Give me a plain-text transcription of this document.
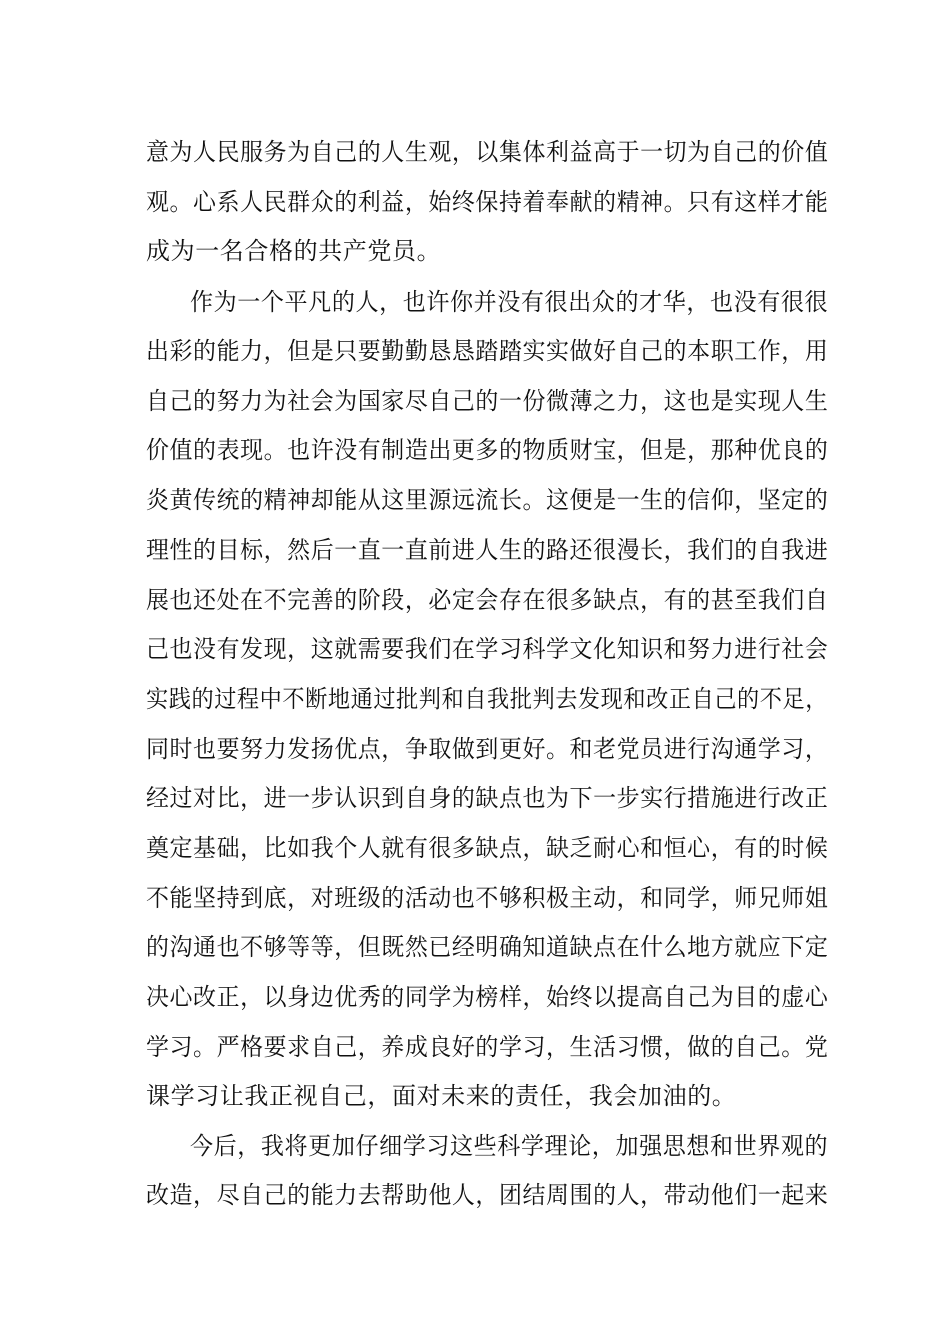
意为人民服务为自己的人生观，以集体利益高于一切为自己的价值
观。心系人民群众的利益，始终保持着奉献的精神。只有这样才能
成为一名合格的共产党员。
作为一个平凡的人，也许你并没有很出众的才华，也没有很很
出彩的能力，但是只要勤勤恳恳踏踏实实做好自己的本职工作，用
自己的努力为社会为国家尽自己的一份微薄之力，这也是实现人生
价值的表现。也许没有制造出更多的物质财宝，但是，那种优良的
炎黄传统的精神却能从这里源远流长。这便是一生的信仰，坚定的
理性的目标，然后一直一直前进人生的路还很漫长，我们的自我进
展也还处在不完善的阶段，必定会存在很多缺点，有的甚至我们自
己也没有发现，这就需要我们在学习科学文化知识和努力进行社会
实践的过程中不断地通过批判和自我批判去发现和改正自己的不足，
同时也要努力发扬优点，争取做到更好。和老党员进行沟通学习，
经过对比，进一步认识到自身的缺点也为下一步实行措施进行改正
奠定基础，比如我个人就有很多缺点，缺乏耐心和恒心，有的时候
不能坚持到底，对班级的活动也不够积极主动，和同学，师兄师姐
的沟通也不够等等，但既然已经明确知道缺点在什么地方就应下定
决心改正，以身边优秀的同学为榜样，始终以提高自己为目的虚心
学习。严格要求自己，养成良好的学习，生活习惯，做的自己。党
课学习让我正视自己，面对未来的责任，我会加油的。
今后，我将更加仔细学习这些科学理论，加强思想和世界观的
改造，尽自己的能力去帮助他人，团结周围的人，带动他们一起来
